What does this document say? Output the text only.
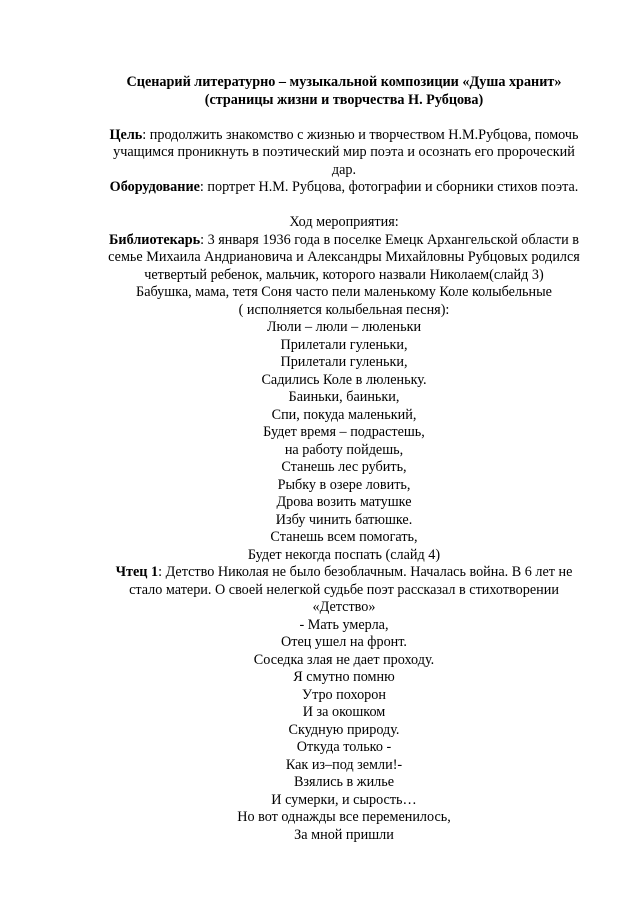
Сценарий литературно – музыкальной композиции «Душа хранит»
(страницы жизни и творчества Н. Рубцова)
Цель: продолжить знакомство с жизнью и творчеством Н.М.Рубцова, помочь
учащимся проникнуть в поэтический мир поэта и осознать его пророческий
дар.
Оборудование: портрет Н.М. Рубцова, фотографии и сборники стихов поэта.
Ход мероприятия:
Библиотекарь: 3 января 1936 года в поселке Емецк Архангельской области в
семье Михаила Андриановича и Александры Михайловны Рубцовых родился
четвертый ребенок, мальчик, которого назвали Николаем(слайд 3)
Бабушка, мама, тетя Соня часто пели маленькому Коле колыбельные
( исполняется колыбельная песня):
Люли – люли – люленьки
Прилетали гуленьки,
Прилетали гуленьки,
Садились Коле в люленьку.
Баиньки, баиньки,
Спи, покуда маленький,
Будет время – подрастешь,
на работу пойдешь,
Станешь лес рубить,
Рыбку в озере ловить,
Дрова возить матушке
Избу чинить батюшке.
Станешь всем помогать,
Будет некогда поспать (слайд 4)
Чтец 1: Детство Николая не было безоблачным. Началась война. В 6 лет не
стало матери. О своей нелегкой судьбе поэт рассказал в стихотворении
«Детство»
- Мать умерла,
Отец ушел на фронт.
Соседка злая не дает проходу.
Я смутно помню
Утро похорон
И за окошком
Скудную природу.
Откуда только -
Как из–под земли!-
Взялись в жилье
И сумерки, и сырость…
Но вот однажды все переменилось,
За мной пришли
